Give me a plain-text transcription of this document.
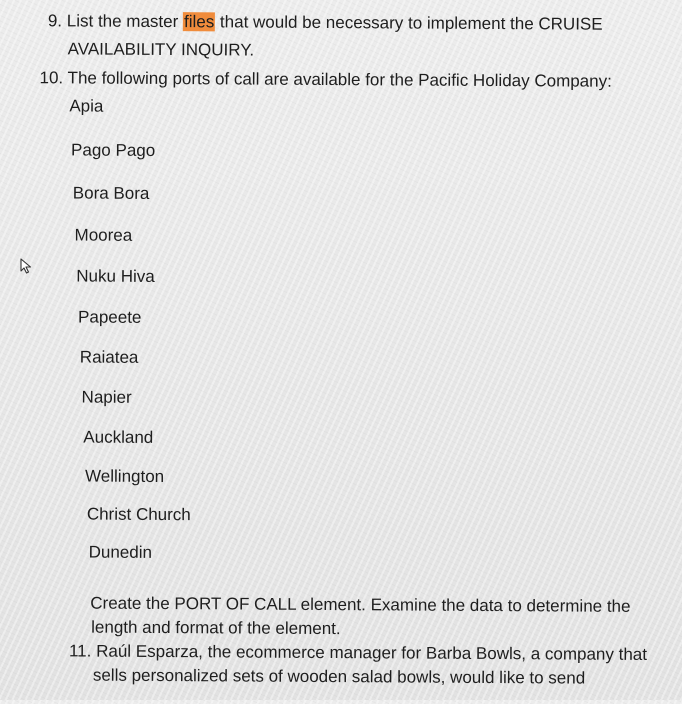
9. List the master files that would be necessary to implement the CRUISE
AVAILABILITY INQUIRY.
10. The following ports of call are available for the Pacific Holiday Company:
Apia
Pago Pago
Bora Bora
Moorea
Nuku Hiva
Papeete
Raiatea
Napier
Auckland
Wellington
Christ Church
Dunedin
Create the PORT OF CALL element. Examine the data to determine the
length and format of the element.
11. Raúl Esparza, the ecommerce manager for Barba Bowls, a company that
sells personalized sets of wooden salad bowls, would like to send
